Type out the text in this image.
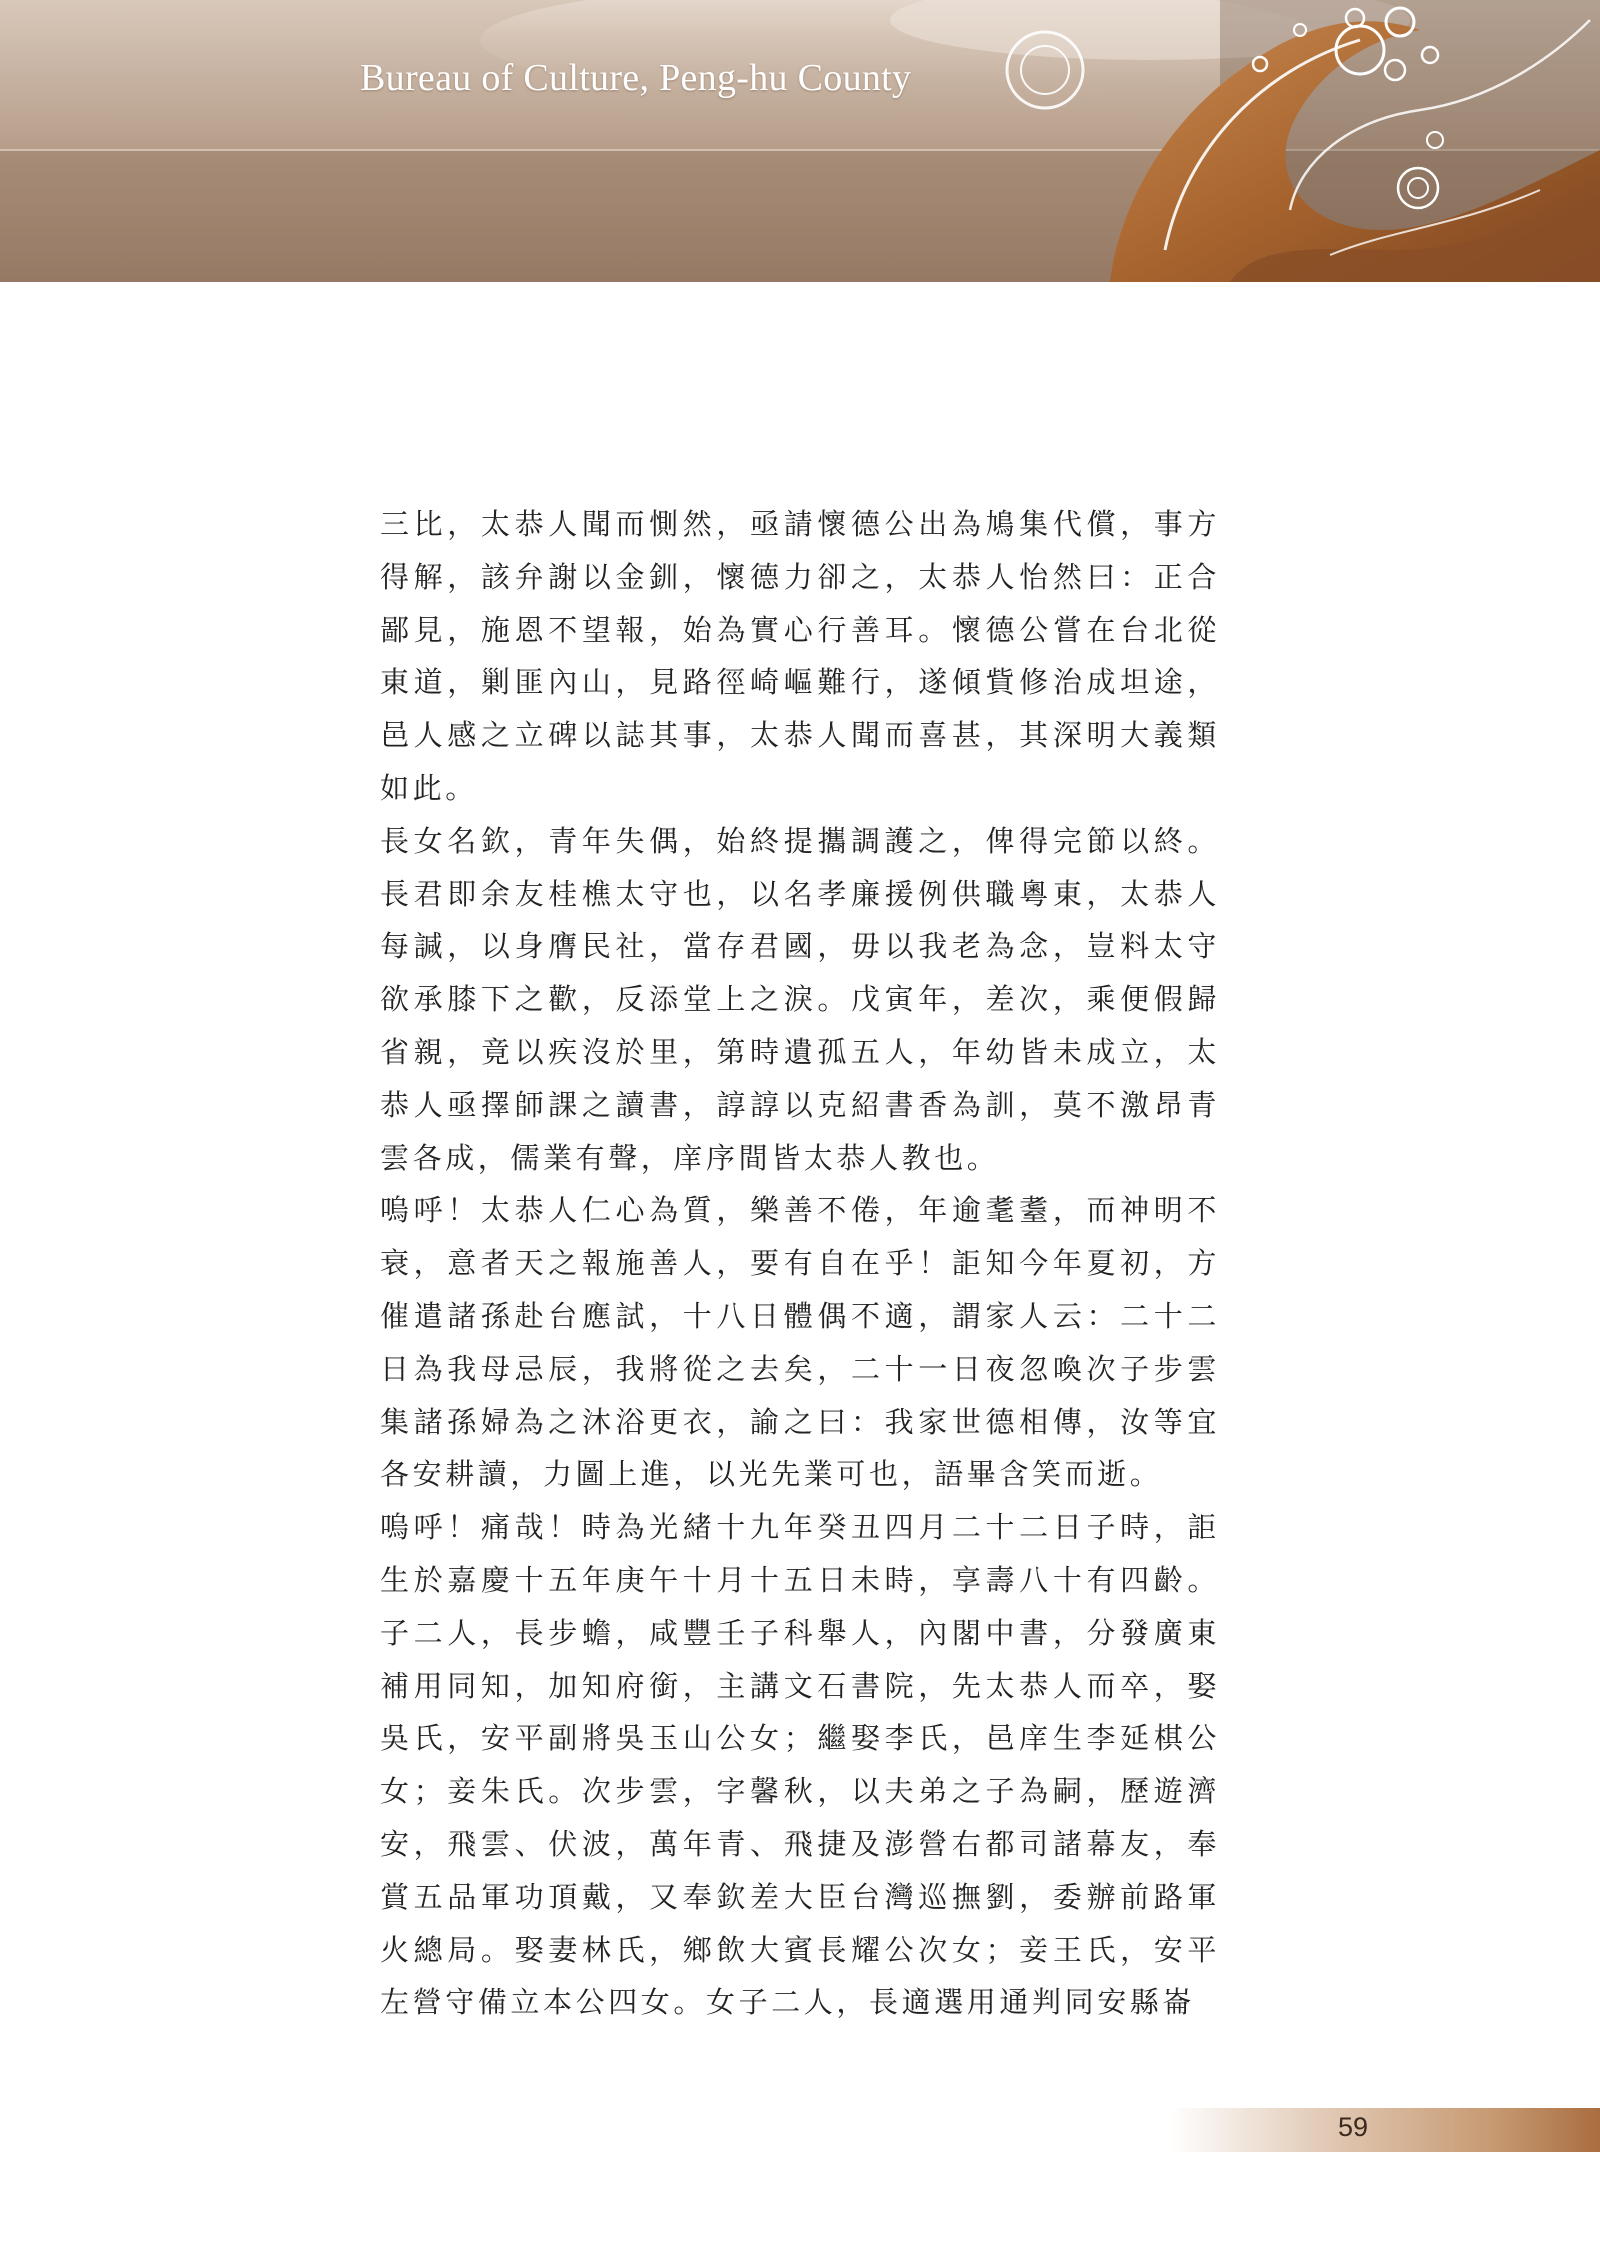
Bureau of Culture, Peng-hu County

三比，太恭人聞而惻然，亟請懷德公出為鳩集代償，事方得解，該弁謝以金釧，懷德力卻之，太恭人怡然曰：正合鄙見，施恩不望報，始為實心行善耳。懷德公嘗在台北從東道，剿匪內山，見路徑崎嶇難行，遂傾貲修治成坦途，邑人感之立碑以誌其事，太恭人聞而喜甚，其深明大義類如此。

長女名欽，青年失偶，始終提攜調護之，俾得完節以終。長君即余友桂樵太守也，以名孝廉援例供職粵東，太恭人每諴，以身膺民社，當存君國，毋以我老為念，豈料太守欲承膝下之歡，反添堂上之淚。戊寅年，差次，乘便假歸省親，竟以疾沒於里，第時遺孤五人，年幼皆未成立，太恭人亟擇師課之讀書，諄諄以克紹書香為訓，莫不激昂青雲各成，儒業有聲，庠序間皆太恭人教也。

嗚呼！太恭人仁心為質，樂善不倦，年逾耄耋，而神明不衰，意者天之報施善人，要有自在乎！詎知今年夏初，方催遣諸孫赴台應試，十八日體偶不適，謂家人云：二十二日為我母忌辰，我將從之去矣，二十一日夜忽喚次子步雲集諸孫婦為之沐浴更衣，諭之曰：我家世德相傳，汝等宜各安耕讀，力圖上進，以光先業可也，語畢含笑而逝。

嗚呼！痛哉！時為光緒十九年癸丑四月二十二日子時，詎生於嘉慶十五年庚午十月十五日未時，享壽八十有四齡。子二人，長步蟾，咸豐壬子科舉人，內閣中書，分發廣東補用同知，加知府銜，主講文石書院，先太恭人而卒，娶吳氏，安平副將吳玉山公女；繼娶李氏，邑庠生李延棋公女；妾朱氏。次步雲，字馨秋，以夫弟之子為嗣，歷遊濟安，飛雲、伏波，萬年青、飛捷及澎營右都司諸幕友，奉賞五品軍功頂戴，又奉欽差大臣台灣巡撫劉，委辦前路軍火總局。娶妻林氏，鄉飲大賓長耀公次女；妾王氏，安平左營守備立本公四女。女子二人，長適選用通判同安縣崙

59
